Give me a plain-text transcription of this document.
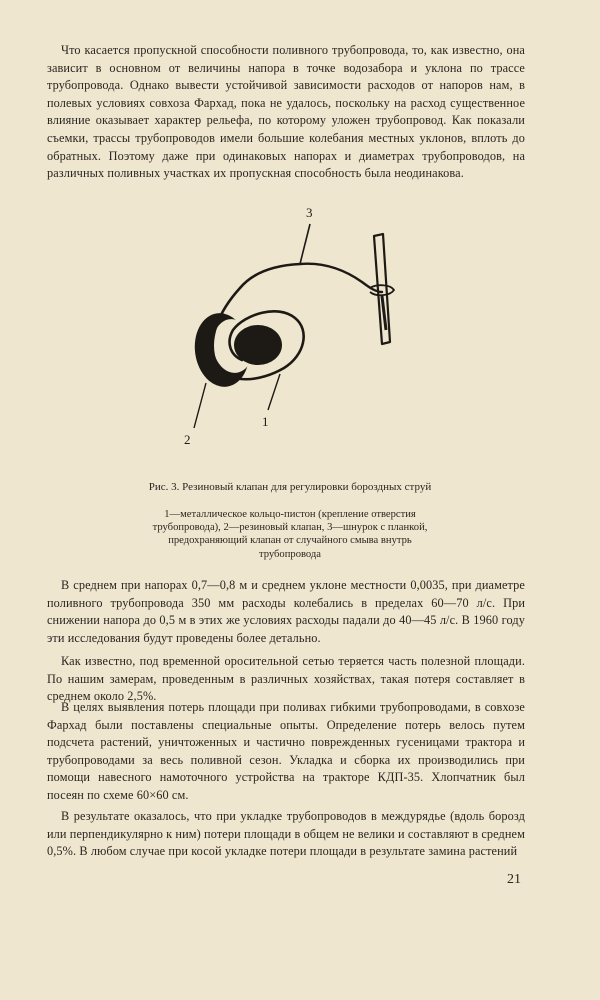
Что касается пропускной способности поливного трубопровода, то, как известно, она зависит в основном от величины напора в точке водозабора и уклона по трассе трубопровода. Однако вывести устойчивой зависимости расходов от напоров нам, в полевых условиях совхоза Фархад, пока не удалось, поскольку на расход существенное влияние оказывает характер рельефа, по которому уложен трубопровод. Как показали съемки, трассы трубопроводов имели большие колебания местных уклонов, вплоть до обратных. Поэтому даже при одинаковых напорах и диаметрах трубопроводов, на различных поливных участках их пропускная способность была неодинакова.

3
2
1
Рис. 3. Резиновый клапан для регулировки бороздных струй
1—металлическое кольцо-пистон (крепление отверстия трубопровода), 2—резиновый клапан, 3—шнурок с планкой, предохраняющий клапан от случайного смыва внутрь трубопровода

В среднем при напорах 0,7—0,8 м и среднем уклоне местности 0,0035, при диаметре поливного трубопровода 350 мм расходы колебались в пределах 60—70 л/с. При снижении напора до 0,5 м в этих же условиях расходы падали до 40—45 л/с. В 1960 году эти исследования будут проведены более детально.

Как известно, под временной оросительной сетью теряется часть полезной площади. По нашим замерам, проведенным в различных хозяйствах, такая потеря составляет в среднем около 2,5%.

В целях выявления потерь площади при поливах гибкими трубопроводами, в совхозе Фархад были поставлены специальные опыты. Определение потерь велось путем подсчета растений, уничтоженных и частично поврежденных гусеницами трактора и трубопроводами за весь поливной сезон. Укладка и сборка их производились при помощи навесного намоточного устройства на тракторе КДП-35. Хлопчатник был посеян по схеме 60×60 см.

В результате оказалось, что при укладке трубопроводов в междурядье (вдоль борозд или перпендикулярно к ним) потери площади в общем не велики и составляют в среднем 0,5%. В любом случае при косой укладке потери площади в результате замина растений

21
